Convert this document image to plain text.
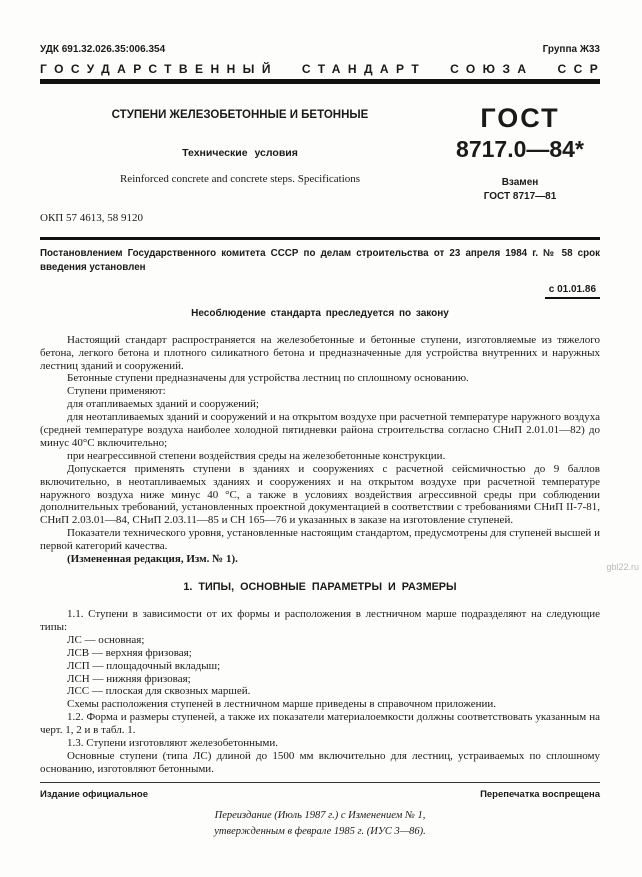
УДК 691.32.026.35:006.354	Группа Ж33
ГОСУДАРСТВЕННЫЙ СТАНДАРТ СОЮЗА ССР
СТУПЕНИ ЖЕЛЕЗОБЕТОННЫЕ И БЕТОННЫЕ
Технические условия
Reinforced concrete and concrete steps. Specifications
ГОСТ
8717.0—84*
Взамен
ГОСТ 8717—81
ОКП 57 4613, 58 9120
Постановлением Государственного комитета СССР по делам строительства от 23 апреля 1984 г. № 58 срок введения установлен
с 01.01.86
Несоблюдение стандарта преследуется по закону

Настоящий стандарт распространяется на железобетонные и бетонные ступени, изготовляемые из тяжелого бетона, легкого бетона и плотного силикатного бетона и предназначенные для устройства внутренних и наружных лестниц зданий и сооружений.

Бетонные ступени предназначены для устройства лестниц по сплошному основанию.

Ступени применяют:

для отапливаемых зданий и сооружений;

для неотапливаемых зданий и сооружений и на открытом воздухе при расчетной температуре наружного воздуха (средней температуре воздуха наиболее холодной пятидневки района строительства согласно СНиП 2.01.01—82) до минус 40°С включительно;

при неагрессивной степени воздействия среды на железобетонные конструкции.

Допускается применять ступени в зданиях и сооружениях с расчетной сейсмичностью до 9 баллов включительно, в неотапливаемых зданиях и сооружениях и на открытом воздухе при расчетной температуре наружного воздуха ниже минус 40 °С, а также в условиях воздействия агрессивной среды при соблюдении дополнительных требований, установленных проектной документацией в соответствии с требованиями СНиП II-7-81, СНиП 2.03.01—84, СНиП 2.03.11—85 и СН 165—76 и указанных в заказе на изготовление ступеней.

Показатели технического уровня, установленные настоящим стандартом, предусмотрены для ступеней высшей и первой категорий качества.

(Измененная редакция, Изм. № 1).

1. ТИПЫ, ОСНОВНЫЕ ПАРАМЕТРЫ И РАЗМЕРЫ

1.1. Ступени в зависимости от их формы и расположения в лестничном марше подразделяют на следующие типы:

ЛС — основная;

ЛСВ — верхняя фризовая;

ЛСП — площадочный вкладыш;

ЛСН — нижняя фризовая;

ЛСС — плоская для сквозных маршей.

Схемы расположения ступеней в лестничном марше приведены в справочном приложении.

1.2. Форма и размеры ступеней, а также их показатели материалоемкости должны соответствовать указанным на черт. 1, 2 и в табл. 1.

1.3. Ступени изготовляют железобетонными.

Основные ступени (типа ЛС) длиной до 1500 мм включительно для лестниц, устраиваемых по сплошному основанию, изготовляют бетонными.

Издание официальное	Перепечатка воспрещена
Переиздание (Июль 1987 г.) с Изменением № 1,
утвержденным в феврале 1985 г. (ИУС 3—86).
gbl22.ru
